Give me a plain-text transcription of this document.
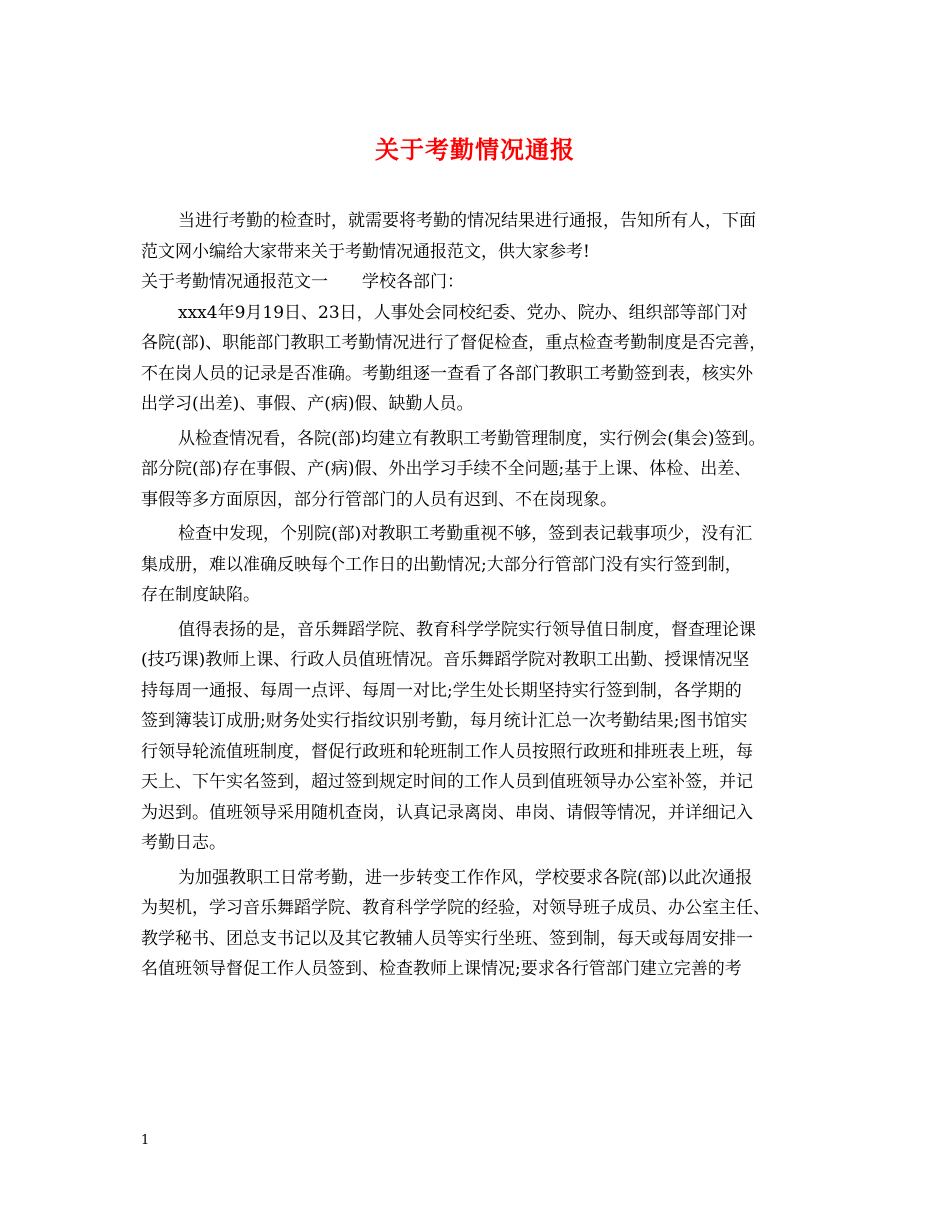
关于考勤情况通报
当进行考勤的检查时，就需要将考勤的情况结果进行通报，告知所有人，下面
范文网小编给大家带来关于考勤情况通报范文，供大家参考!
关于考勤情况通报范文一　　学校各部门：
xxx4年9月19日、23日，人事处会同校纪委、党办、院办、组织部等部门对
各院(部)、职能部门教职工考勤情况进行了督促检查，重点检查考勤制度是否完善，
不在岗人员的记录是否准确。考勤组逐一查看了各部门教职工考勤签到表，核实外
出学习(出差)、事假、产(病)假、缺勤人员。
从检查情况看，各院(部)均建立有教职工考勤管理制度，实行例会(集会)签到。
部分院(部)存在事假、产(病)假、外出学习手续不全问题;基于上课、体检、出差、
事假等多方面原因，部分行管部门的人员有迟到、不在岗现象。
检查中发现，个别院(部)对教职工考勤重视不够，签到表记载事项少，没有汇
集成册，难以准确反映每个工作日的出勤情况;大部分行管部门没有实行签到制，
存在制度缺陷。
值得表扬的是，音乐舞蹈学院、教育科学学院实行领导值日制度，督查理论课
(技巧课)教师上课、行政人员值班情况。音乐舞蹈学院对教职工出勤、授课情况坚
持每周一通报、每周一点评、每周一对比;学生处长期坚持实行签到制，各学期的
签到簿装订成册;财务处实行指纹识别考勤，每月统计汇总一次考勤结果;图书馆实
行领导轮流值班制度，督促行政班和轮班制工作人员按照行政班和排班表上班，每
天上、下午实名签到，超过签到规定时间的工作人员到值班领导办公室补签，并记
为迟到。值班领导采用随机查岗，认真记录离岗、串岗、请假等情况，并详细记入
考勤日志。
为加强教职工日常考勤，进一步转变工作作风，学校要求各院(部)以此次通报
为契机，学习音乐舞蹈学院、教育科学学院的经验，对领导班子成员、办公室主任、
教学秘书、团总支书记以及其它教辅人员等实行坐班、签到制，每天或每周安排一
名值班领导督促工作人员签到、检查教师上课情况;要求各行管部门建立完善的考
1
